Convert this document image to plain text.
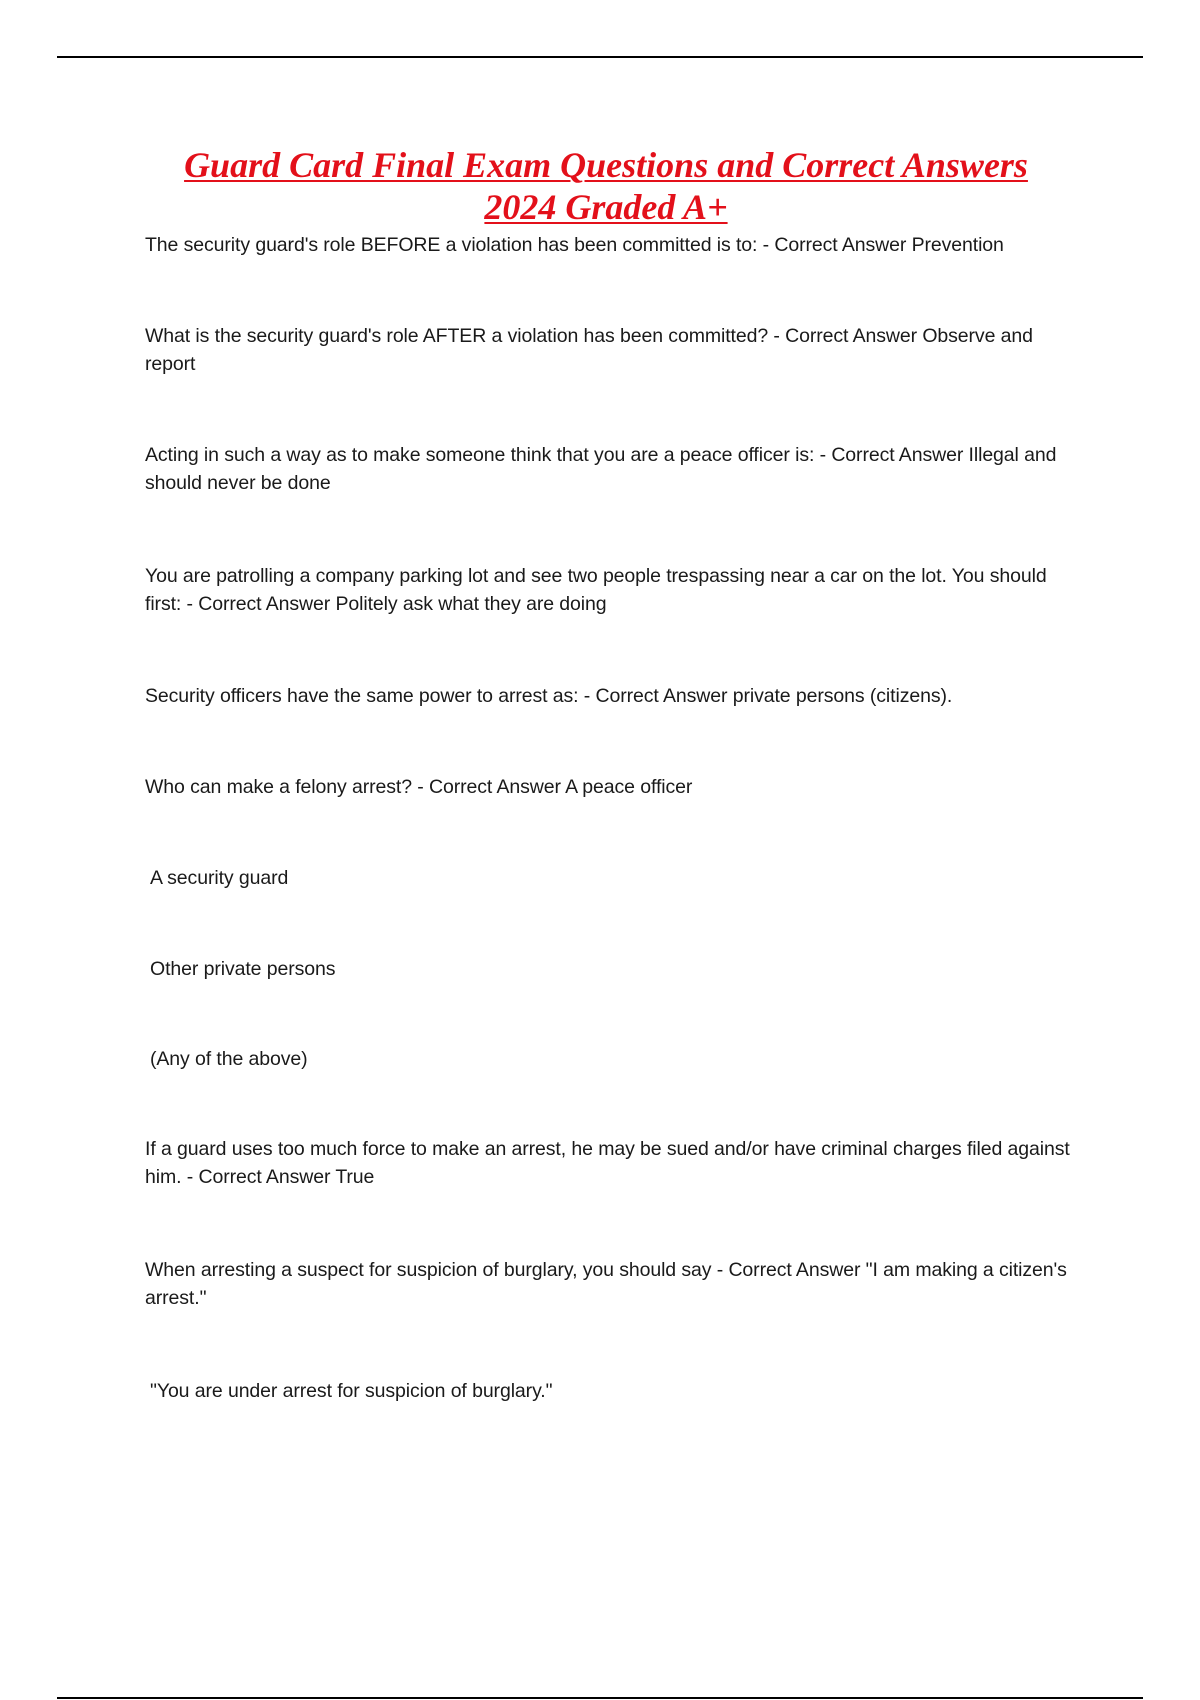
Guard Card Final Exam Questions and Correct Answers
2024 Graded A+

The security guard's role BEFORE a violation has been committed is to: - Correct Answer Prevention

What is the security guard's role AFTER a violation has been committed? - Correct Answer Observe and report

Acting in such a way as to make someone think that you are a peace officer is: - Correct Answer Illegal and should never be done

You are patrolling a company parking lot and see two people trespassing near a car on the lot. You should first: - Correct Answer Politely ask what they are doing

Security officers have the same power to arrest as: - Correct Answer private persons (citizens).

Who can make a felony arrest? - Correct Answer A peace officer

A security guard

Other private persons

(Any of the above)

If a guard uses too much force to make an arrest, he may be sued and/or have criminal charges filed against him. - Correct Answer True

When arresting a suspect for suspicion of burglary, you should say - Correct Answer "I am making a citizen's arrest."

"You are under arrest for suspicion of burglary."
